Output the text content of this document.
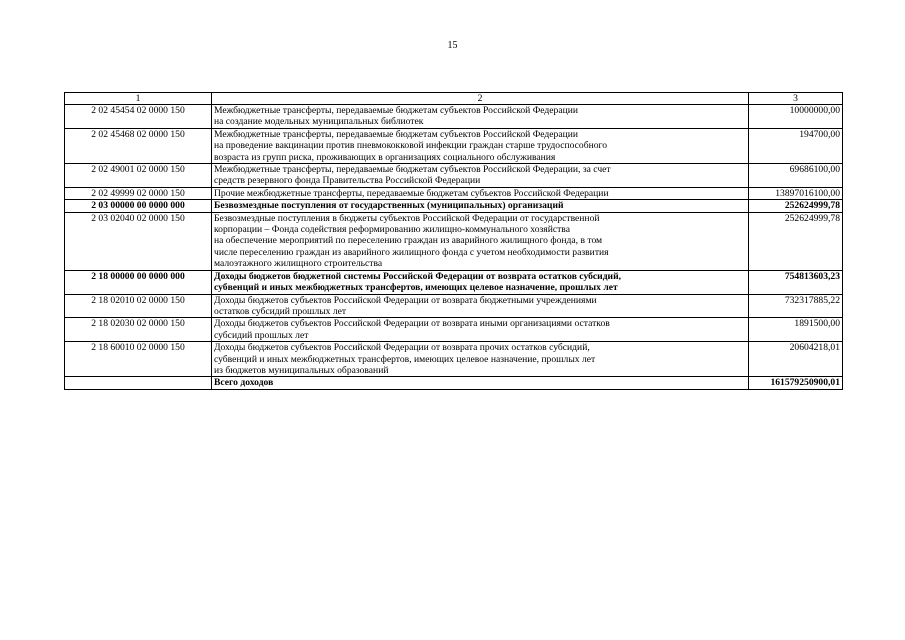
15
1	2	3
2 02 45454 02 0000 150	Межбюджетные трансферты, передаваемые бюджетам субъектов Российской Федерации
на создание модельных муниципальных библиотек	10000000,00
2 02 45468 02 0000 150	Межбюджетные трансферты, передаваемые бюджетам субъектов Российской Федерации
на проведение вакцинации против пневмококковой инфекции граждан старше трудоспособного
возраста из групп риска, проживающих в организациях социального обслуживания	194700,00
2 02 49001 02 0000 150	Межбюджетные трансферты, передаваемые бюджетам субъектов Российской Федерации, за счет
средств резервного фонда Правительства Российской Федерации	69686100,00
2 02 49999 02 0000 150	Прочие межбюджетные трансферты, передаваемые бюджетам субъектов Российской Федерации	13897016100,00
2 03 00000 00 0000 000	Безвозмездные поступления от государственных (муниципальных) организаций	252624999,78
2 03 02040 02 0000 150	Безвозмездные поступления в бюджеты субъектов Российской Федерации от государственной
корпорации – Фонда содействия реформированию жилищно-коммунального хозяйства
на обеспечение мероприятий по переселению граждан из аварийного жилищного фонда, в том
числе переселению граждан из аварийного жилищного фонда с учетом необходимости развития
малоэтажного жилищного строительства	252624999,78
2 18 00000 00 0000 000	Доходы бюджетов бюджетной системы Российской Федерации от возврата остатков субсидий,
субвенций и иных межбюджетных трансфертов, имеющих целевое назначение, прошлых лет	754813603,23
2 18 02010 02 0000 150	Доходы бюджетов субъектов Российской Федерации от возврата бюджетными учреждениями
остатков субсидий прошлых лет	732317885,22
2 18 02030 02 0000 150	Доходы бюджетов субъектов Российской Федерации от возврата иными организациями остатков
субсидий прошлых лет	1891500,00
2 18 60010 02 0000 150	Доходы бюджетов субъектов Российской Федерации от возврата прочих остатков субсидий,
субвенций и иных межбюджетных трансфертов, имеющих целевое назначение, прошлых лет
из бюджетов муниципальных образований	20604218,01
	Всего доходов	161579250900,01
